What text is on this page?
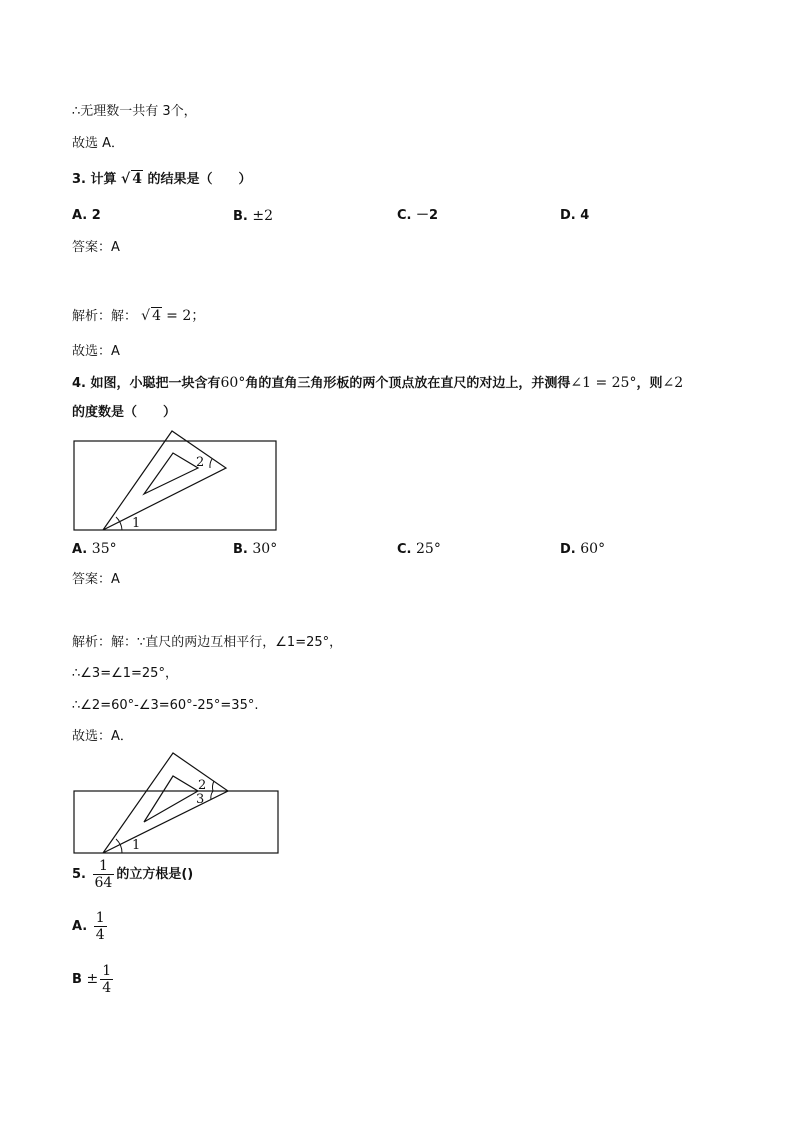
∴无理数一共有 3个，
故选 A．
3. 计算 √ 4 的结果是（　　）
A. 2	B. ±2	C. －2	D. 4
答案：A
解析：解： √ 4 = 2；
故选：A
4. 如图，小聪把一块含有60°角的直角三角形板的两个顶点放在直尺的对边上，并测得∠1 = 25°，则∠2
的度数是（　　）
1
2
A. 35°	B. 30°	C. 25°	D. 60°
答案：A
解析：解：∵直尺的两边互相平行，∠1=25°，
∴∠3=∠1=25°，
∴∠2=60°-∠3=60°-25°=35°.
故选：A．
1
2
3
5. $\frac{1}{64}$ 的立方根是()
A. $\frac{1}{4}$
$B \pm \frac{1}{4}$
